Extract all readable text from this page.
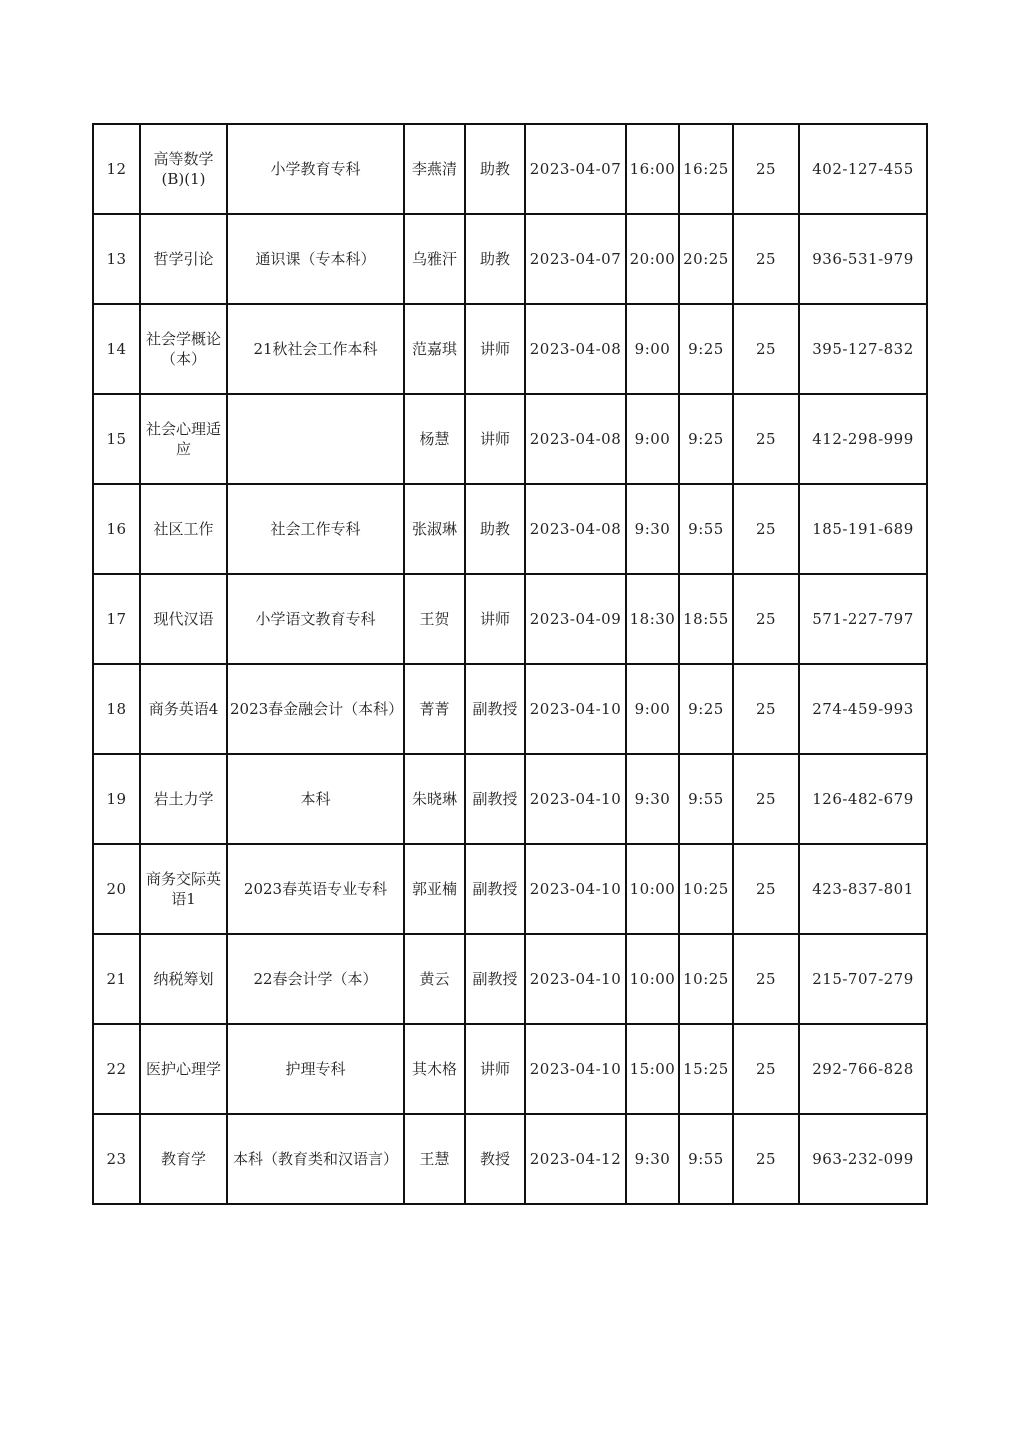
12	高等数学(B)(1)	小学教育专科	李燕清	助教	2023-04-07	16:00	16:25	25	402-127-455
13	哲学引论	通识课（专本科）	乌雅汗	助教	2023-04-07	20:00	20:25	25	936-531-979
14	社会学概论（本）	21秋社会工作本科	范嘉琪	讲师	2023-04-08	9:00	9:25	25	395-127-832
15	社会心理适应		杨慧	讲师	2023-04-08	9:00	9:25	25	412-298-999
16	社区工作	社会工作专科	张淑琳	助教	2023-04-08	9:30	9:55	25	185-191-689
17	现代汉语	小学语文教育专科	王贺	讲师	2023-04-09	18:30	18:55	25	571-227-797
18	商务英语4	2023春金融会计（本科）	菁菁	副教授	2023-04-10	9:00	9:25	25	274-459-993
19	岩土力学	本科	朱晓琳	副教授	2023-04-10	9:30	9:55	25	126-482-679
20	商务交际英语1	2023春英语专业专科	郭亚楠	副教授	2023-04-10	10:00	10:25	25	423-837-801
21	纳税筹划	22春会计学（本）	黄云	副教授	2023-04-10	10:00	10:25	25	215-707-279
22	医护心理学	护理专科	其木格	讲师	2023-04-10	15:00	15:25	25	292-766-828
23	教育学	本科（教育类和汉语言）	王慧	教授	2023-04-12	9:30	9:55	25	963-232-099
